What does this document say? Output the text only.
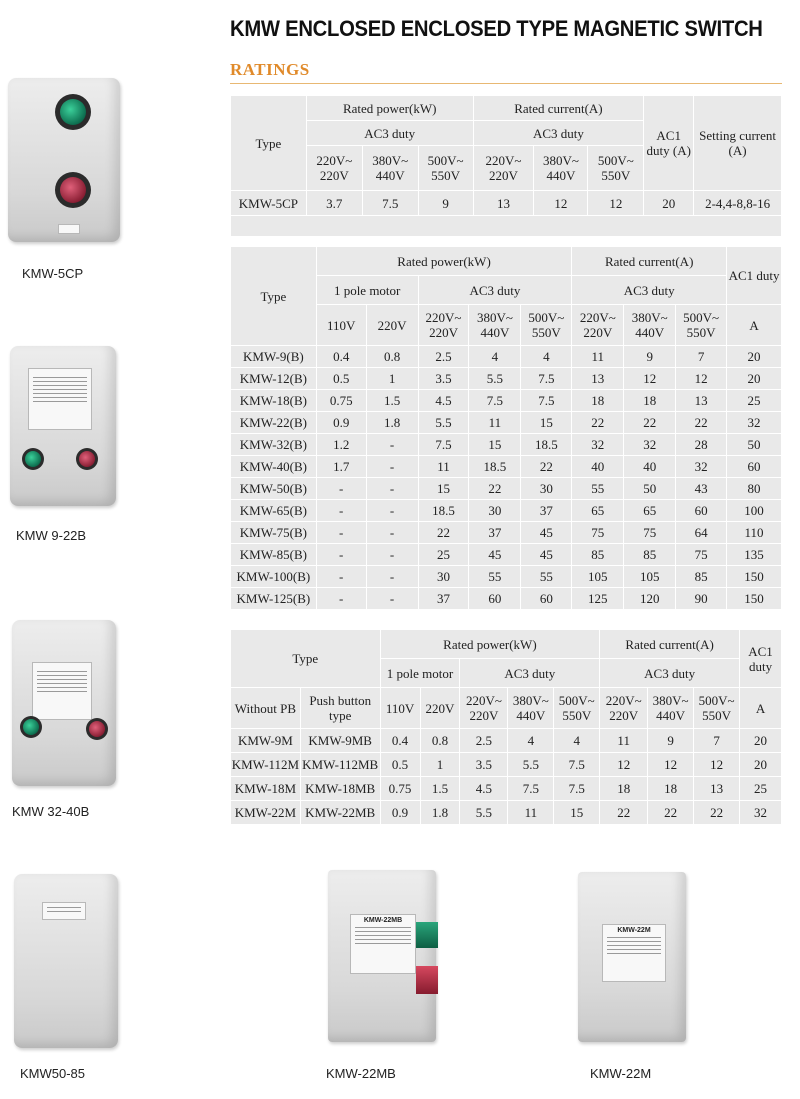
KMW ENCLOSED ENCLOSED TYPE MAGNETIC SWITCH
RATINGS
Type	Rated power(kW)			Rated current(A)			AC1 duty (A)	Setting current (A)
	AC3 duty			AC3 duty				
	220V~ 220V	380V~ 440V	500V~ 550V	220V~ 220V	380V~ 440V	500V~ 550V		
KMW-5CP	3.7	7.5	9	13	12	12	20	2-4,4-8,8-16

Type	Rated power(kW)					Rated current(A)			AC1 duty
	1 pole motor		AC3 duty			AC3 duty			
	110V	220V	220V~ 220V	380V~ 440V	500V~ 550V	220V~ 220V	380V~ 440V	500V~ 550V	A
KMW-9(B)	0.4	0.8	2.5	4	4	11	9	7	20
KMW-12(B)	0.5	1	3.5	5.5	7.5	13	12	12	20
KMW-18(B)	0.75	1.5	4.5	7.5	7.5	18	18	13	25
KMW-22(B)	0.9	1.8	5.5	11	15	22	22	22	32
KMW-32(B)	1.2	-	7.5	15	18.5	32	32	28	50
KMW-40(B)	1.7	-	11	18.5	22	40	40	32	60
KMW-50(B)	-	-	15	22	30	55	50	43	80
KMW-65(B)	-	-	18.5	30	37	65	65	60	100
KMW-75(B)	-	-	22	37	45	75	75	64	110
KMW-85(B)	-	-	25	45	45	85	85	75	135
KMW-100(B)	-	-	30	55	55	105	105	85	150
KMW-125(B)	-	-	37	60	60	125	120	90	150
Type		Rated power(kW)					Rated current(A)			AC1 duty
		1 pole motor		AC3 duty			AC3 duty			
Without PB	Push button type	110V	220V	220V~ 220V	380V~ 440V	500V~ 550V	220V~ 220V	380V~ 440V	500V~ 550V	A
KMW-9M	KMW-9MB	0.4	0.8	2.5	4	4	11	9	7	20
KMW-112M	KMW-112MB	0.5	1	3.5	5.5	7.5	12	12	12	20
KMW-18M	KMW-18MB	0.75	1.5	4.5	7.5	7.5	18	18	13	25
KMW-22M	KMW-22MB	0.9	1.8	5.5	11	15	22	22	22	32
KMW-5CP
KMW 9-22B
KMW 32-40B
KMW50-85
KMW-22MB
KMW-22MB
KMW-22M
KMW-22M
